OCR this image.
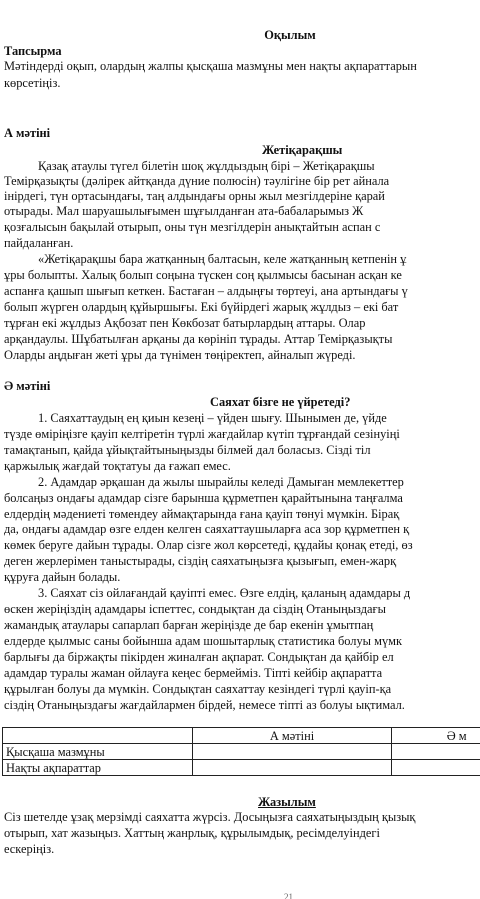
Оқылым
Тапсырма
Мәтіндерді оқып, олардың жалпы қысқаша мазмұны мен нақты ақпараттарын
көрсетіңіз.
А мәтіні
Жетіқарақшы
Қазақ атаулы түгел білетін шоқ жұлдыздың бірі – Жетіқарақшы
Темірқазықты (дәлірек айтқанда дүние полюсін) тәулігіне бір рет айнала
інірдегі, түн ортасындағы, таң алдындағы орны жыл мезгілдеріне қарай
отырады. Мал шаруашылығымен шұғылданған ата-бабаларымыз Ж
қозғалысын бақылай отырып, оны түн мезгілдерін анықтайтын аспан с
пайдаланған.
«Жетіқарақшы бара жатқанның балтасын, келе жатқанның кетпенін ұ
ұры болыпты. Халық болып соңына түскен соң қылмысы басынан асқан ке
аспанға қашып шығып кеткен. Бастаған – алдыңғы төртеуі, ана артындағы ү
болып жүрген олардың құйыршығы. Екі бүйірдегі жарық жұлдыз – екі бат
тұрған екі жұлдыз Ақбозат пен Көкбозат батырлардың аттары. Олар
арқандаулы. Шұбатылған арқаны да көрініп тұрады. Аттар Темірқазықты
Оларды аңдыған жеті ұры да түнімен төңіректеп, айналып жүреді.
Ә мәтіні
Саяхат бізге не үйретеді?
1. Саяхаттаудың ең қиын кезеңі – үйден шығу. Шынымен де, үйде
түзде өміріңізге қауіп келтіретін түрлі жағдайлар күтіп тұрғандай сезінуіңі
тамақтанып, қайда ұйықтайтыныңызды білмей дал боласыз. Сізді тіл
қаржылық жағдай тоқтатуы да ғажап емес.
2. Адамдар әрқашан да жылы шырайлы келеді Дамыған мемлекеттер
болсаңыз ондағы адамдар сізге барынша құрметпен қарайтынына таңғалма
елдердің мәдениеті төмендеу аймақтарында ғана қауіп төнуі мүмкін. Бірақ
да, ондағы адамдар өзге елден келген саяхаттаушыларға аса зор құрметпен қ
көмек беруге дайын тұрады. Олар сізге жол көрсетеді, құдайы қонақ етеді, өз
деген жерлерімен таныстырады, сіздің саяхатыңызға қызығып, емен-жарқ
құруға дайын болады.
3. Саяхат сіз ойлағандай қауіпті емес. Өзге елдің, қаланың адамдары д
өскен жеріңіздің адамдары іспеттес, сондықтан да сіздің Отаныңыздағы
жамандық атаулары сапарлап барған жеріңізде де бар екенін ұмытпаң
елдерде қылмыс саны бойынша адам шошытарлық статистика болуы мүмк
барлығы да біржақты пікірден жиналған ақпарат. Сондықтан да қайбір ел
адамдар туралы жаман ойлауға кеңес бермейміз. Тіпті кейбір ақпаратта
құрылған болуы да мүмкін. Сондықтан саяхаттау кезіндегі түрлі қауіп-қа
сіздің Отаныңыздағы жағдайлармен бірдей, немесе тіпті аз болуы ықтимал.
	А мәтіні	Ә м
Қысқаша мазмұны		
Нақты ақпараттар		
Жазылым
Сіз шетелде ұзақ мерзімді саяхатта жүрсіз. Досыңызға саяхатыңыздың қызық
отырып, хат жазыңыз. Хаттың жанрлық, құрылымдық, ресімделуіндегі
ескеріңіз.
21
